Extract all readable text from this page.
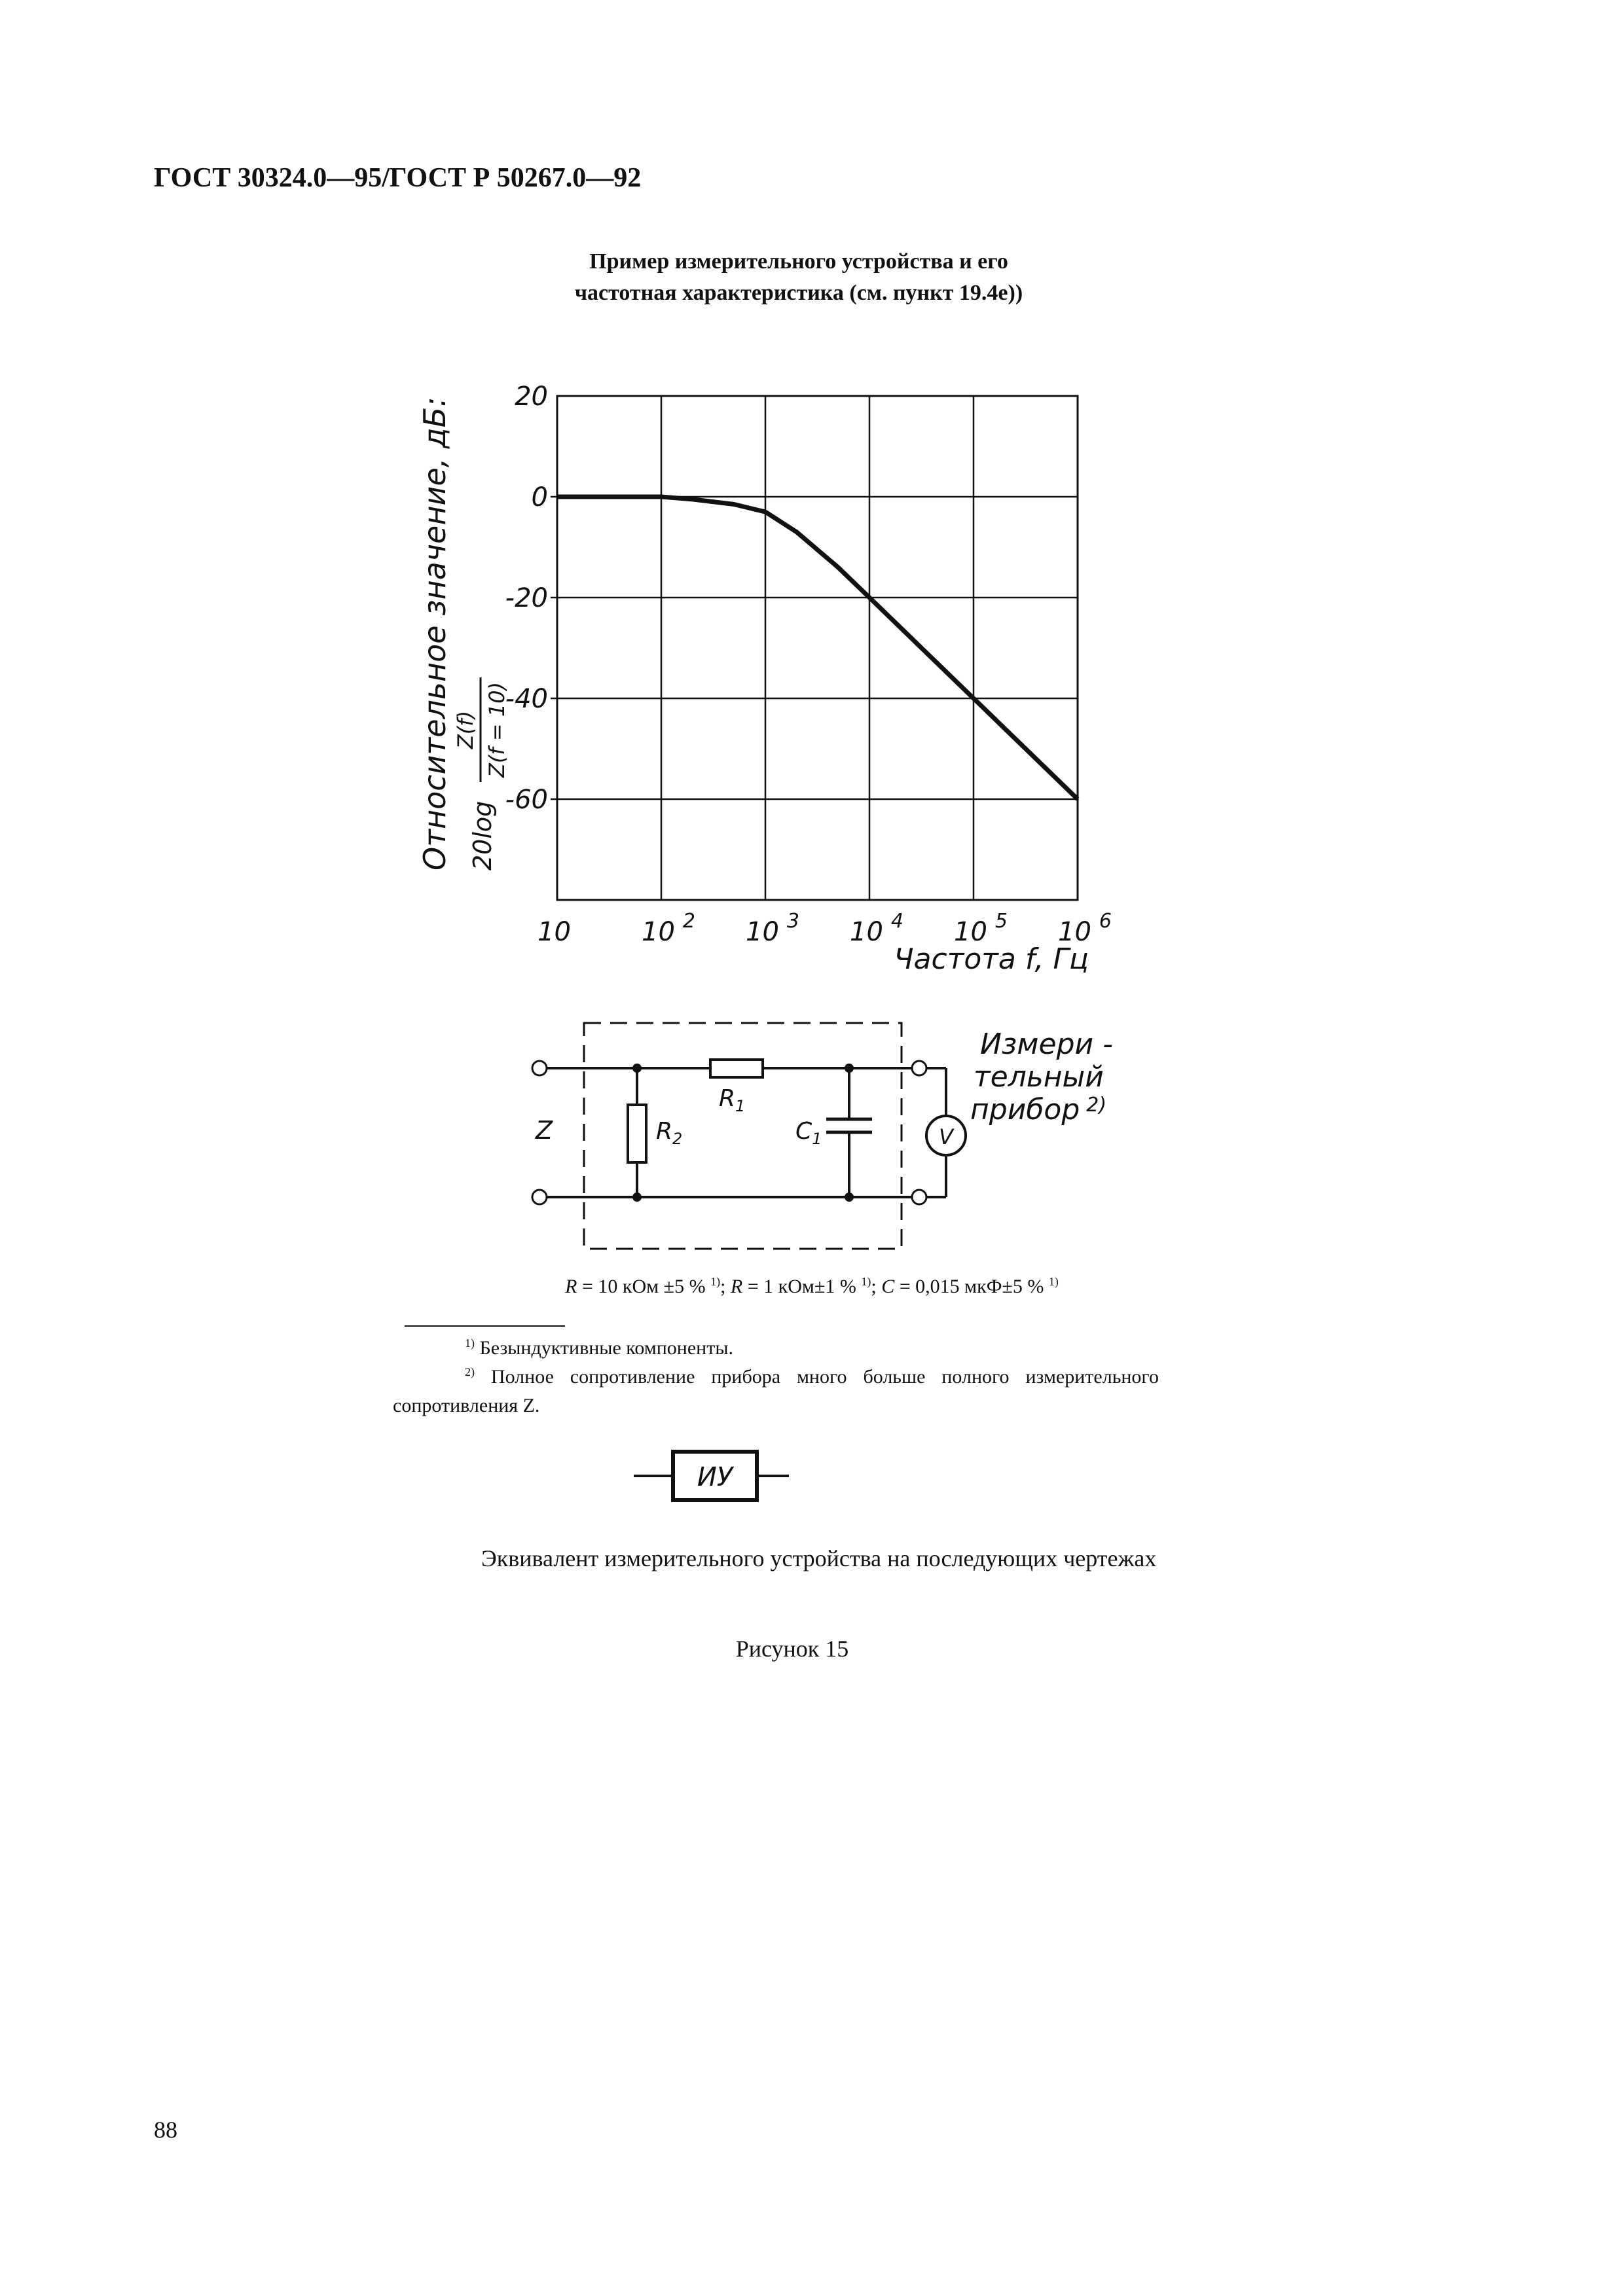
ГОСТ 30324.0—95/ГОСТ Р 50267.0—92
Пример измерительного устройства и его
частотная характеристика (см. пункт 19.4е))
20
0
-20
-40
-60
10	10 $^2$ 10 $^3$ 10 $^4$ 10 $^5$ 10 $^6$
Частота f, Гц
Относительное значение, дБ: 20log
Z(f) Z(f = 10)
Z
$R_1$
$R_2$	$C_1$	V
Измери -
тельный
прибор $^{2)}$
R = 10 кОм ±5 % $^{1)}$; R = 1 кОм±1 % $^{1)}$; C = 0,015 мкФ±5 % $^{1)}$
$^{1)}$ Безындуктивные компоненты.
$^{2)}$ Полное сопротивление прибора много больше полного измерительного сопротивления Z.
ИУ
Эквивалент измерительного устройства на последующих чертежах
Рисунок 15
88
